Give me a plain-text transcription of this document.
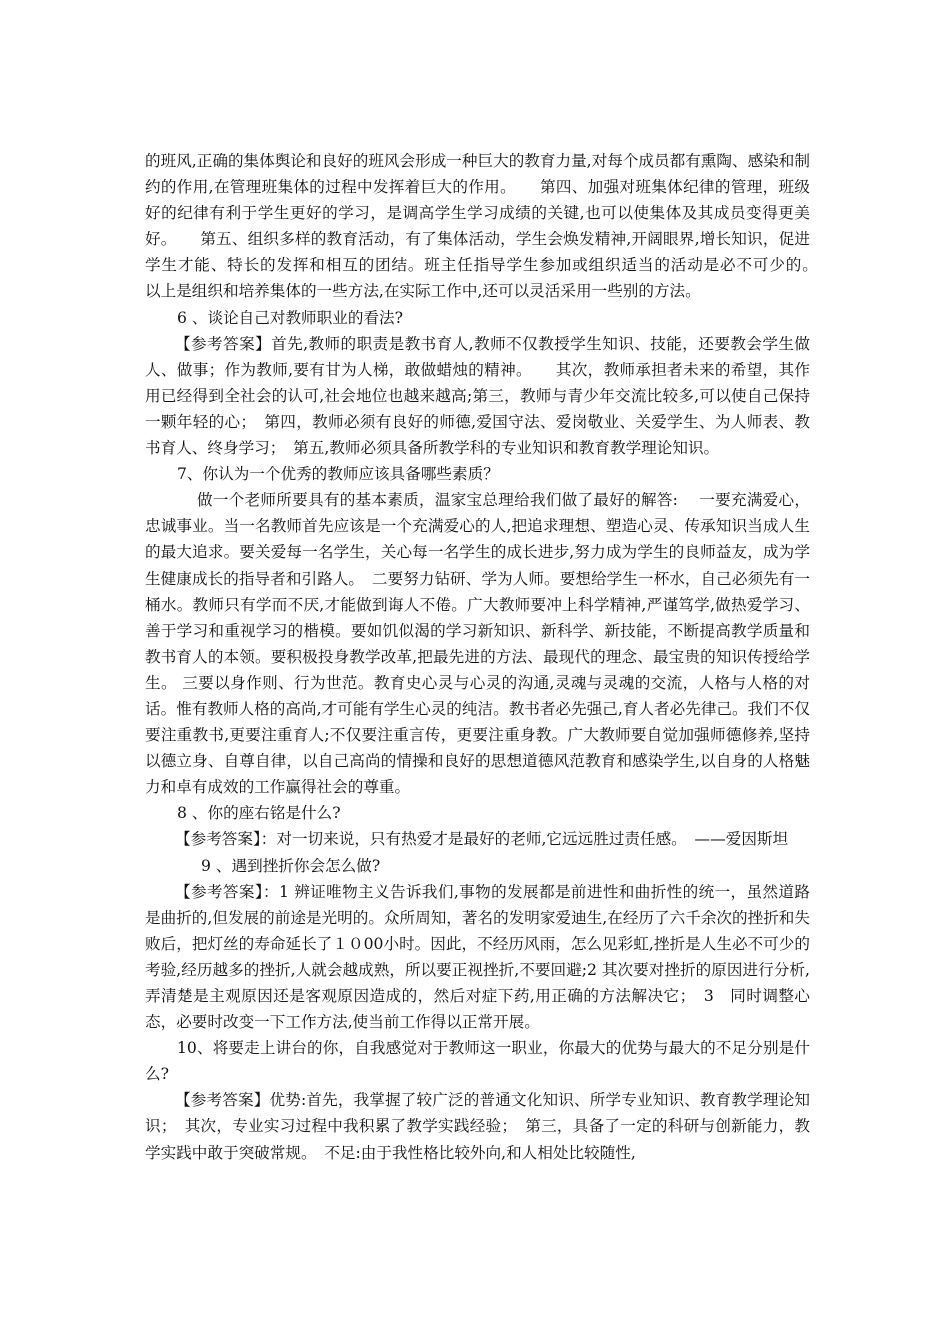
的班风,正确的集体舆论和良好的班风会形成一种巨大的教育力量,对每个成员都有熏陶、感染和制约的作用,在管理班集体的过程中发挥着巨大的作用。　　第四、加强对班集体纪律的管理，班级好的纪律有利于学生更好的学习，是调高学生学习成绩的关键,也可以使集体及其成员变得更美好。　　第五、组织多样的教育活动，有了集体活动，学生会焕发精神,开阔眼界,增长知识，促进学生才能、特长的发挥和相互的团结。班主任指导学生参加或组织适当的活动是必不可少的。　　以上是组织和培养集体的一些方法,在实际工作中,还可以灵活采用一些别的方法。

6 、谈论自己对教师职业的看法?

【参考答案】首先,教师的职责是教书育人,教师不仅教授学生知识、技能，还要教会学生做人、做事；作为教师,要有甘为人梯，敢做蜡烛的精神。　　其次，教师承担者未来的希望，其作用已经得到全社会的认可,社会地位也越来越高;第三，教师与青少年交流比较多,可以使自己保持一颗年轻的心；　第四，教师必须有良好的师德,爱国守法、爱岗敬业、关爱学生、为人师表、教书育人、终身学习；　第五,教师必须具备所教学科的专业知识和教育教学理论知识。

7、你认为一个优秀的教师应该具备哪些素质？

做一个老师所要具有的基本素质，温家宝总理给我们做了最好的解答:　 一要充满爱心，忠诚事业。当一名教师首先应该是一个充满爱心的人,把追求理想、塑造心灵、传承知识当成人生的最大追求。要关爱每一名学生，关心每一名学生的成长进步,努力成为学生的良师益友，成为学生健康成长的指导者和引路人。　二要努力钻研、学为人师。要想给学生一杯水，自己必须先有一桶水。教师只有学而不厌,才能做到诲人不倦。广大教师要冲上科学精神,严谨笃学,做热爱学习、善于学习和重视学习的楷模。要如饥似渴的学习新知识、新科学、新技能，不断提高教学质量和教书育人的本领。要积极投身教学改革,把最先进的方法、最现代的理念、最宝贵的知识传授给学生。 三要以身作则、行为世范。教育史心灵与心灵的沟通,灵魂与灵魂的交流，人格与人格的对话。惟有教师人格的高尚,才可能有学生心灵的纯洁。教书者必先强己,育人者必先律己。我们不仅要注重教书,更要注重育人;不仅要注重言传，更要注重身教。广大教师要自觉加强师德修养,坚持以德立身、自尊自律，以自己高尚的情操和良好的思想道德风范教育和感染学生,以自身的人格魅力和卓有成效的工作赢得社会的尊重。

8 、你的座右铭是什么?

【参考答案】：对一切来说，只有热爱才是最好的老师,它远远胜过责任感。　——爱因斯坦

9 、遇到挫折你会怎么做?

【参考答案】：1 辨证唯物主义告诉我们,事物的发展都是前进性和曲折性的统一，虽然道路是曲折的,但发展的前途是光明的。众所周知，著名的发明家爱迪生,在经历了六千余次的挫折和失败后，把灯丝的寿命延长了１０00小时。因此，不经历风雨，怎么见彩虹,挫折是人生必不可少的考验,经历越多的挫折,人就会越成熟，所以要正视挫折,不要回避;2 其次要对挫折的原因进行分析,弄清楚是主观原因还是客观原因造成的，然后对症下药,用正确的方法解决它；　3　同时调整心态，必要时改变一下工作方法,使当前工作得以正常开展。

10、将要走上讲台的你，自我感觉对于教师这一职业，你最大的优势与最大的不足分别是什么?

【参考答案】优势:首先，我掌握了较广泛的普通文化知识、所学专业知识、教育教学理论知识；　其次，专业实习过程中我积累了教学实践经验；　第三，具备了一定的科研与创新能力，教学实践中敢于突破常规。　不足:由于我性格比较外向,和人相处比较随性,
